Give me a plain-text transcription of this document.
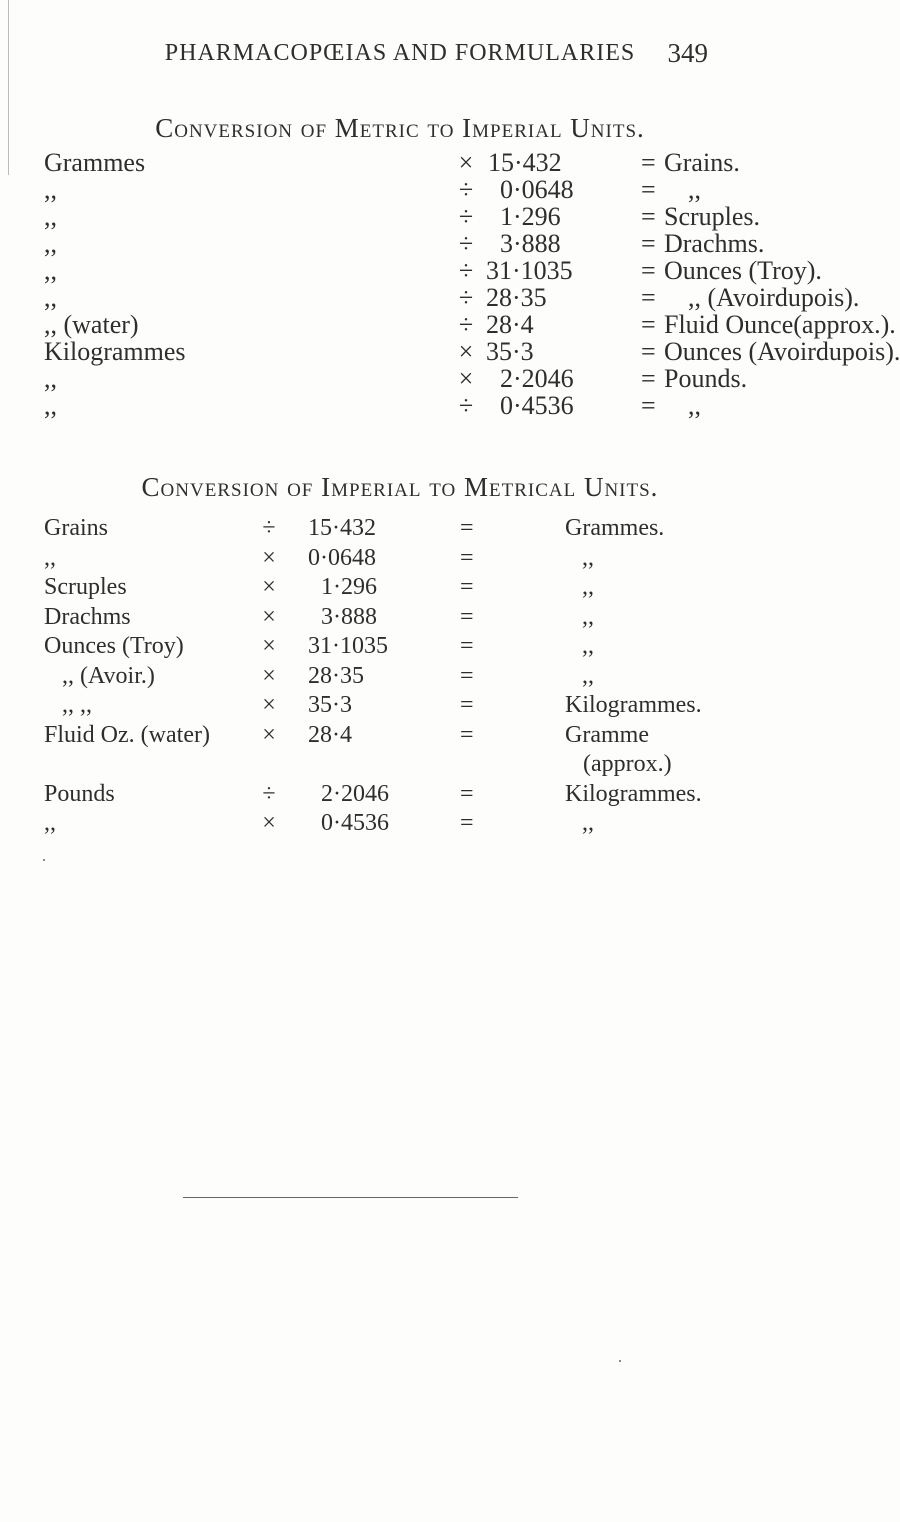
PHARMACOPŒIAS AND FORMULARIES	349
Conversion of Metric to Imperial Units.
Grammes	× 15·432	= Grains.
,,	÷ 0·0648	= ,,
,,	÷ 1·296	= Scruples.
,,	÷ 3·888	= Drachms.
,,	÷ 31·1035	= Ounces (Troy).
,,	÷ 28·35	= ,, (Avoirdupois).
,, (water)	÷ 28·4	= Fluid Ounce(approx.).
Kilogrammes	× 35·3	= Ounces (Avoirdupois).
,,	× 2·2046	= Pounds.
,,	÷ 0·4536	= ,,
Conversion of Imperial to Metrical Units.
Grains	÷ 15·432	=	Grammes.
,,	× 0·0648	=	,,
Scruples	× 1·296	=	,,
Drachms	× 3·888	=	,,
Ounces (Troy)	× 31·1035	=	,,
,, (Avoir.)	× 28·35	=	,,
,, ,,	× 35·3	=	Kilogrammes.
Fluid Oz. (water) × 28·4	=	Gramme
(approx.)
Pounds	÷ 2·2046	=	Kilogrammes.
,,	× 0·4536	=	,,
